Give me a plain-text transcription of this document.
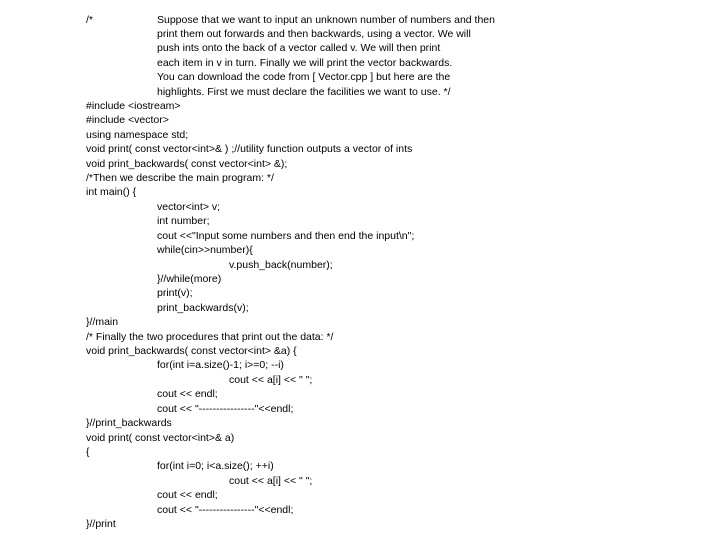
/*	Suppose that we want to input an unknown number of numbers and then
print them out forwards and then backwards, using a vector. We will
push ints onto the back of a vector called v. We will then print
each item in v in turn. Finally we will print the vector backwards.
You can download the code from [ Vector.cpp ] but here are the
highlights. First we must declare the facilities we want to use. */
#include <iostream>
#include <vector>
using namespace std;
void print( const vector<int>& ) ;//utility function outputs a vector of ints
void print_backwards( const vector<int> &);
/*Then we describe the main program: */
int main() {
vector<int> v;
int number;
cout <<"Input some numbers and then end the input\n";
while(cin>>number){
v.push_back(number);
}//while(more)
print(v);
print_backwards(v);
}//main
/* Finally the two procedures that print out the data: */
void print_backwards( const vector<int> &a) {
for(int i=a.size()-1; i>=0; --i)
cout << a[i] << " ";
cout << endl;
cout << "----------------"<<endl;
}//print_backwards
void print( const vector<int>& a)
{
for(int i=0; i<a.size(); ++i)
cout << a[i] << " ";
cout << endl;
cout << "----------------"<<endl;
}//print
